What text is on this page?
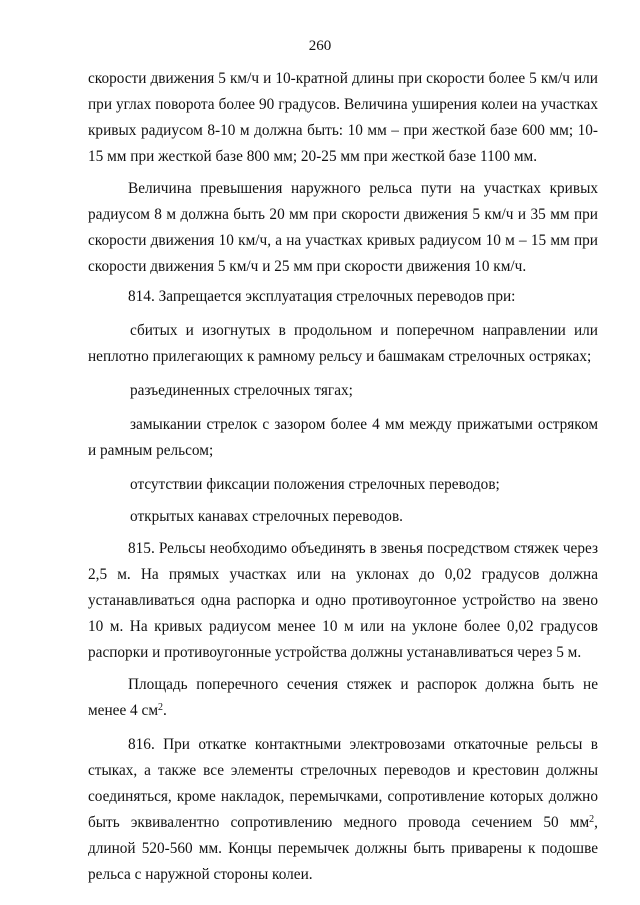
260

скорости движения 5 км/ч и 10-кратной длины при скорости более 5 км/ч или при углах поворота более 90 градусов. Величина уширения колеи на участках кривых радиусом 8-10 м должна быть: 10 мм – при жесткой базе 600 мм; 10-15 мм при жесткой базе 800 мм; 20-25 мм при жесткой базе 1100 мм.

Величина превышения наружного рельса пути на участках кривых радиусом 8 м должна быть 20 мм при скорости движения 5 км/ч и 35 мм при скорости движения 10 км/ч, а на участках кривых радиусом 10 м – 15 мм при скорости движения 5 км/ч и 25 мм при скорости движения 10 км/ч.

814. Запрещается эксплуатация стрелочных переводов при:

сбитых и изогнутых в продольном и поперечном направлении или неплотно прилегающих к рамному рельсу и башмакам стрелочных остряках;

разъединенных стрелочных тягах;

замыкании стрелок с зазором более 4 мм между прижатыми остряком и рамным рельсом;

отсутствии фиксации положения стрелочных переводов;

открытых канавах стрелочных переводов.

815. Рельсы необходимо объединять в звенья посредством стяжек через 2,5 м. На прямых участках или на уклонах до 0,02 градусов должна устанавливаться одна распорка и одно противоугонное устройство на звено 10 м. На кривых радиусом менее 10 м или на уклоне более 0,02 градусов распорки и противоугонные устройства должны устанавливаться через 5 м.

Площадь поперечного сечения стяжек и распорок должна быть не менее 4 $см^2$.

816. При откатке контактными электровозами откаточные рельсы в стыках, а также все элементы стрелочных переводов и крестовин должны соединяться, кроме накладок, перемычками, сопротивление которых должно быть эквивалентно сопротивлению медного провода сечением 50 $мм^2$, длиной 520-560 мм. Концы перемычек должны быть приварены к подошве рельса с наружной стороны колеи.
